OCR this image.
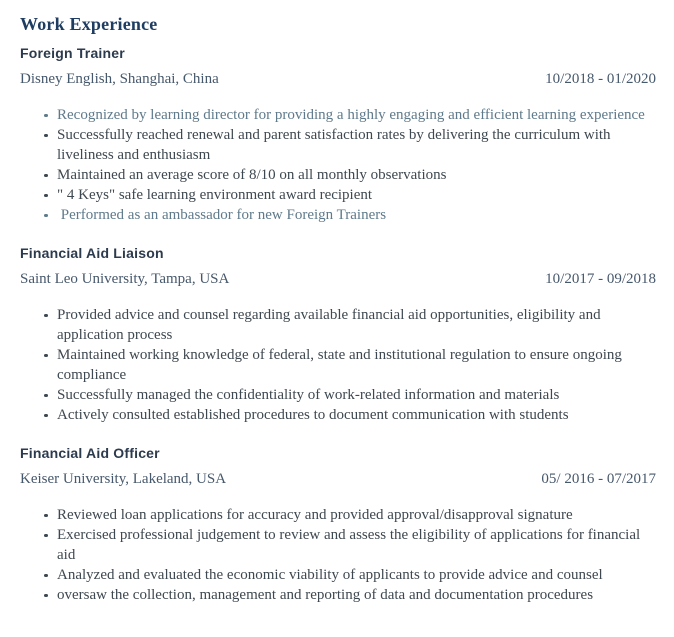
Work Experience
Foreign Trainer
Disney English, Shanghai, China	10/2018 - 01/2020
Recognized by learning director for providing a highly engaging and efficient learning experience
Successfully reached renewal and parent satisfaction rates by delivering the curriculum with liveliness and enthusiasm
Maintained an average score of 8/10 on all monthly observations
" 4 Keys" safe learning environment award recipient
Performed as an ambassador for new Foreign Trainers
Financial Aid Liaison
Saint Leo University, Tampa, USA	10/2017 - 09/2018
Provided advice and counsel regarding available financial aid opportunities, eligibility and application process
Maintained working knowledge of federal, state and institutional regulation to ensure ongoing compliance
Successfully managed the confidentiality of work-related information and materials
Actively consulted established procedures to document communication with students
Financial Aid Officer
Keiser University, Lakeland, USA	05/ 2016 - 07/2017
Reviewed loan applications for accuracy and provided approval/disapproval signature
Exercised professional judgement to review and assess the eligibility of applications for financial aid
Analyzed and evaluated the economic viability of applicants to provide advice and counsel
oversaw the collection, management and reporting of data and documentation procedures
